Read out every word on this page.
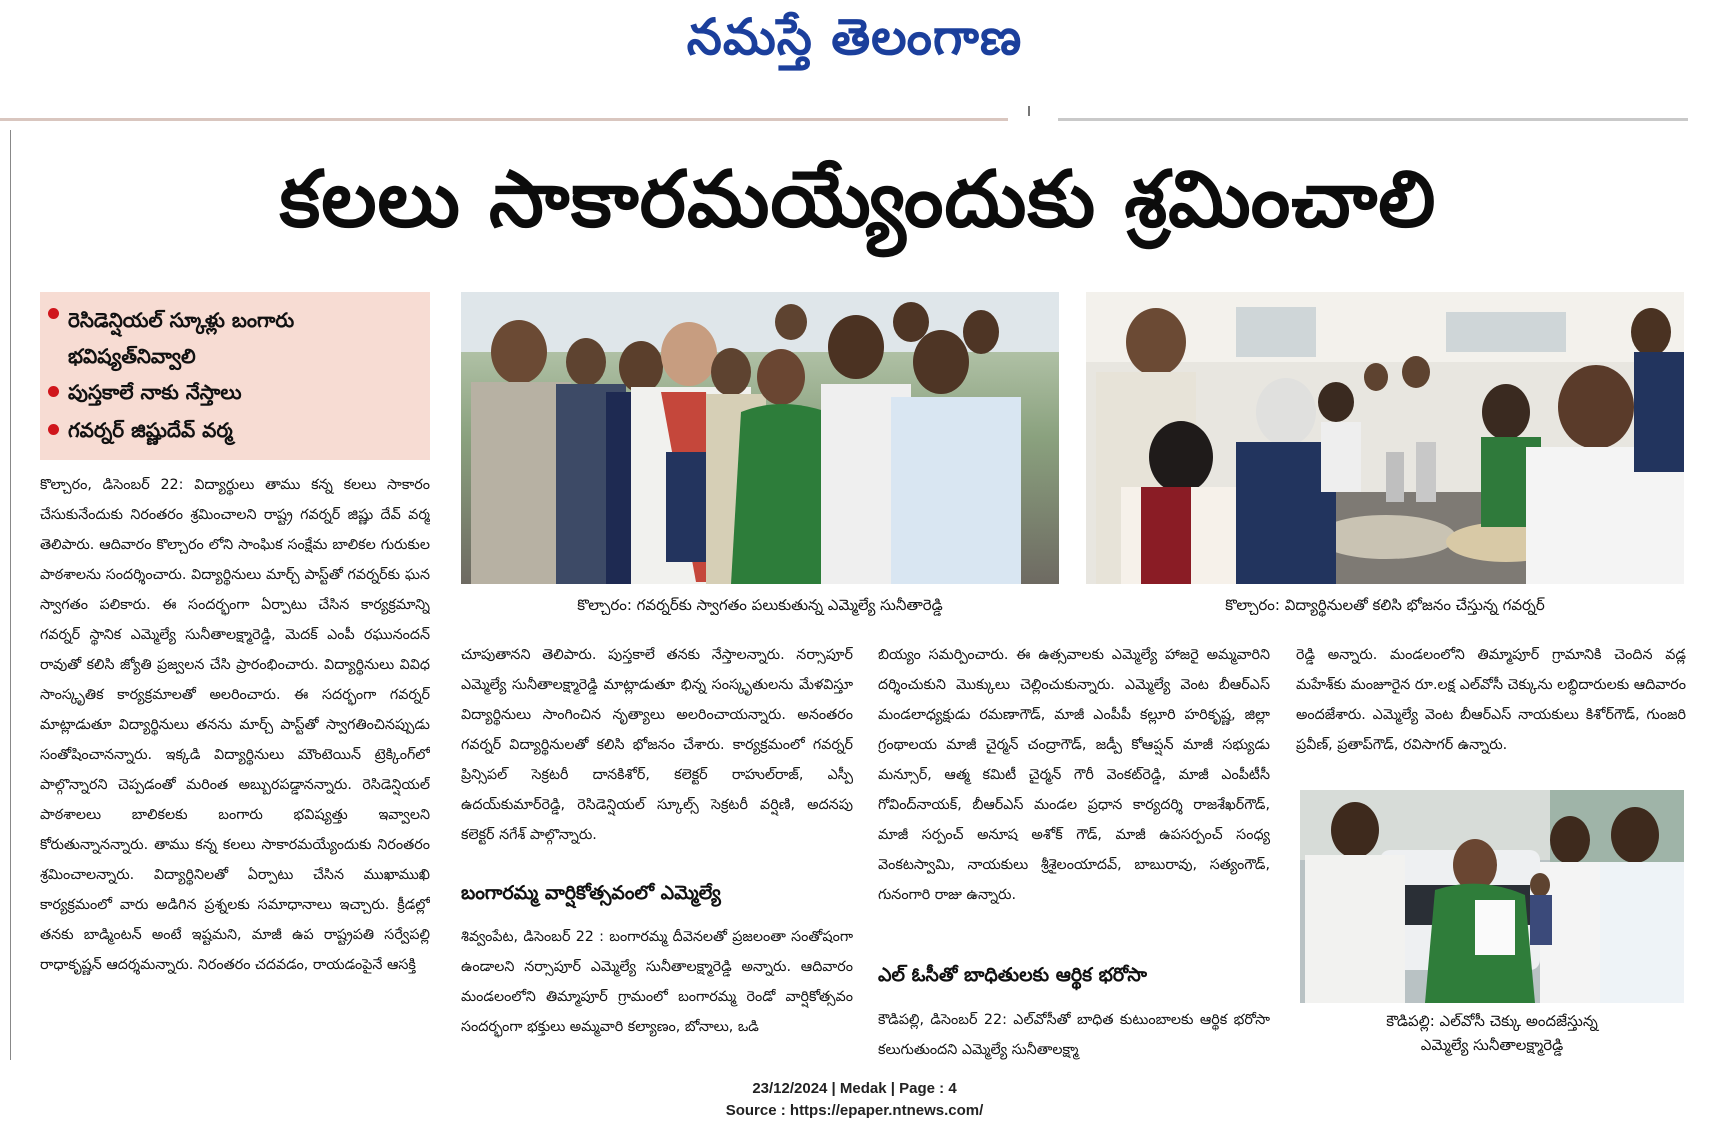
నమస్తే తెలంగాణ
కలలు సాకారమయ్యేందుకు శ్రమించాలి
రెసిడెన్షియల్ స్కూళ్లు బంగారు భవిష్యత్‌నివ్వాలి
పుస్తకాలే నాకు నేస్తాలు
గవర్నర్ జిష్ణుదేవ్ వర్మ

కొల్చారం, డిసెంబర్ 22: విద్యార్థులు తాము కన్న కలలు సాకారం చేసుకునేందుకు నిరంతరం శ్రమించాలని రాష్ట్ర గవర్నర్ జిష్ణు దేవ్ వర్మ తెలిపారు. ఆదివారం కొల్చారం లోని సాంఘిక సంక్షేమ బాలికల గురుకుల పాఠశాలను సందర్శించారు. విద్యార్థినులు మార్చ్ పాస్ట్‌తో గవర్నర్‌కు ఘన స్వాగతం పలికారు. ఈ సందర్భంగా ఏర్పాటు చేసిన కార్యక్రమాన్ని గవర్నర్ స్థానిక ఎమ్మెల్యే సునీతాలక్ష్మారెడ్డి, మెదక్ ఎంపీ రఘునందన్ రావుతో కలిసి జ్యోతి ప్రజ్వలన చేసి ప్రారంభించారు. విద్యార్థినులు వివిధ సాంస్కృతిక కార్యక్రమాలతో అలరించారు. ఈ సదర్భంగా గవర్నర్ మాట్లాడుతూ విద్యార్థినులు తనను మార్చ్ పాస్ట్‌తో స్వాగతించినప్పుడు సంతోషించానన్నారు. ఇక్కడి విద్యార్థినులు మౌంటెయిన్ ట్రెక్కింగ్‌లో పాల్గొన్నారని చెప్పడంతో మరింత అబ్బురపడ్డానన్నారు. రెసిడెన్షియల్ పాఠశాలలు బాలికలకు బంగారు భవిష్యత్తు ఇవ్వాలని కోరుతున్నానన్నారు. తాము కన్న కలలు సాకారమయ్యేందుకు నిరంతరం శ్రమించాలన్నారు. విద్యార్థినిలతో ఏర్పాటు చేసిన ముఖాముఖి కార్యక్రమంలో వారు అడిగిన ప్రశ్నలకు సమాధానాలు ఇచ్చారు. క్రీడల్లో తనకు బాడ్మింటన్ అంటే ఇష్టమని, మాజీ ఉప రాష్ట్రపతి సర్వేపల్లి రాధాకృష్ణన్ ఆదర్శమన్నారు. నిరంతరం చదవడం, రాయడంపైనే ఆసక్తి

కొల్చారం: గవర్నర్‌కు స్వాగతం పలుకుతున్న ఎమ్మెల్యే సునీతారెడ్డి	కొల్చారం: విద్యార్థినులతో కలిసి భోజనం చేస్తున్న గవర్నర్

చూపుతానని తెలిపారు. పుస్తకాలే తనకు నేస్తాలన్నారు. నర్సాపూర్ ఎమ్మెల్యే సునీతాలక్ష్మారెడ్డి మాట్లాడుతూ భిన్న సంస్కృతులను మేళవిస్తూ విద్యార్థినులు సాంగించిన నృత్యాలు అలరించాయన్నారు. అనంతరం గవర్నర్ విద్యార్థినులతో కలిసి భోజనం చేశారు. కార్యక్రమంలో గవర్నర్ ప్రిన్సిపల్ సెక్రటరీ దానకిశోర్, కలెక్టర్ రాహుల్‌రాజ్, ఎస్పీ ఉదయ్‌కుమార్‌రెడ్డి, రెసిడెన్షియల్ స్కూల్స్ సెక్రటరీ వర్షిణి, అదనపు కలెక్టర్ నగేశ్ పాల్గొన్నారు.

బంగారమ్మ వార్షికోత్సవంలో ఎమ్మెల్యే

శివ్వంపేట, డిసెంబర్ 22 : బంగారమ్మ దీవెనలతో ప్రజలంతా సంతోషంగా ఉండాలని నర్సాపూర్ ఎమ్మెల్యే సునీతాలక్ష్మారెడ్డి అన్నారు. ఆదివారం మండలంలోని తిమ్మాపూర్ గ్రామంలో బంగారమ్మ రెండో వార్షికోత్సవం సందర్భంగా భక్తులు అమ్మవారి కల్యాణం, బోనాలు, ఒడి

బియ్యం సమర్పించారు. ఈ ఉత్సవాలకు ఎమ్మెల్యే హాజరై అమ్మవారిని దర్శించుకుని మొక్కులు చెల్లించుకున్నారు. ఎమ్మెల్యే వెంట బీఆర్ఎస్ మండలాధ్యక్షుడు రమణాగౌడ్, మాజీ ఎంపీపీ కల్లూరి హరికృష్ణ, జిల్లా గ్రంథాలయ మాజీ చైర్మన్ చంద్రాగౌడ్, జడ్పీ కోఆప్షన్ మాజీ సభ్యుడు మన్సూర్, ఆత్మ కమిటీ చైర్మన్ గౌరీ వెంకట్‌రెడ్డి, మాజీ ఎంపీటీసీ గోవింద్‌నాయక్, బీఆర్ఎస్ మండల ప్రధాన కార్యదర్శి రాజశేఖర్‌గౌడ్, మాజీ సర్పంచ్ అనూష అశోక్ గౌడ్, మాజీ ఉపసర్పంచ్ సంధ్య వెంకటస్వామి, నాయకులు శ్రీశైలంయాదవ్, బాబురావు, సత్యంగౌడ్, గునంగారి రాజు ఉన్నారు.

ఎల్ ఓసీతో బాధితులకు ఆర్థిక భరోసా

కౌడిపల్లి, డిసెంబర్ 22: ఎల్‌వోసీతో బాధిత కుటుంబాలకు ఆర్థిక భరోసా కలుగుతుందని ఎమ్మెల్యే సునీతాలక్ష్మా

రెడ్డి అన్నారు. మండలంలోని తిమ్మాపూర్ గ్రామానికి చెందిన వడ్ల మహేశ్‌కు మంజూరైన రూ.లక్ష ఎల్‌వోసీ చెక్కును లబ్ధిదారులకు ఆదివారం అందజేశారు. ఎమ్మెల్యే వెంట బీఆర్ఎస్ నాయకులు కిశోర్‌గౌడ్, గుంజరి ప్రవీణ్, ప్రతాప్‌గౌడ్, రవిసాగర్ ఉన్నారు.

కౌడిపల్లి: ఎల్‌వోసీ చెక్కు అందజేస్తున్న
ఎమ్మెల్యే సునీతాలక్ష్మారెడ్డి
23/12/2024 | Medak | Page : 4
Source : https://epaper.ntnews.com/
